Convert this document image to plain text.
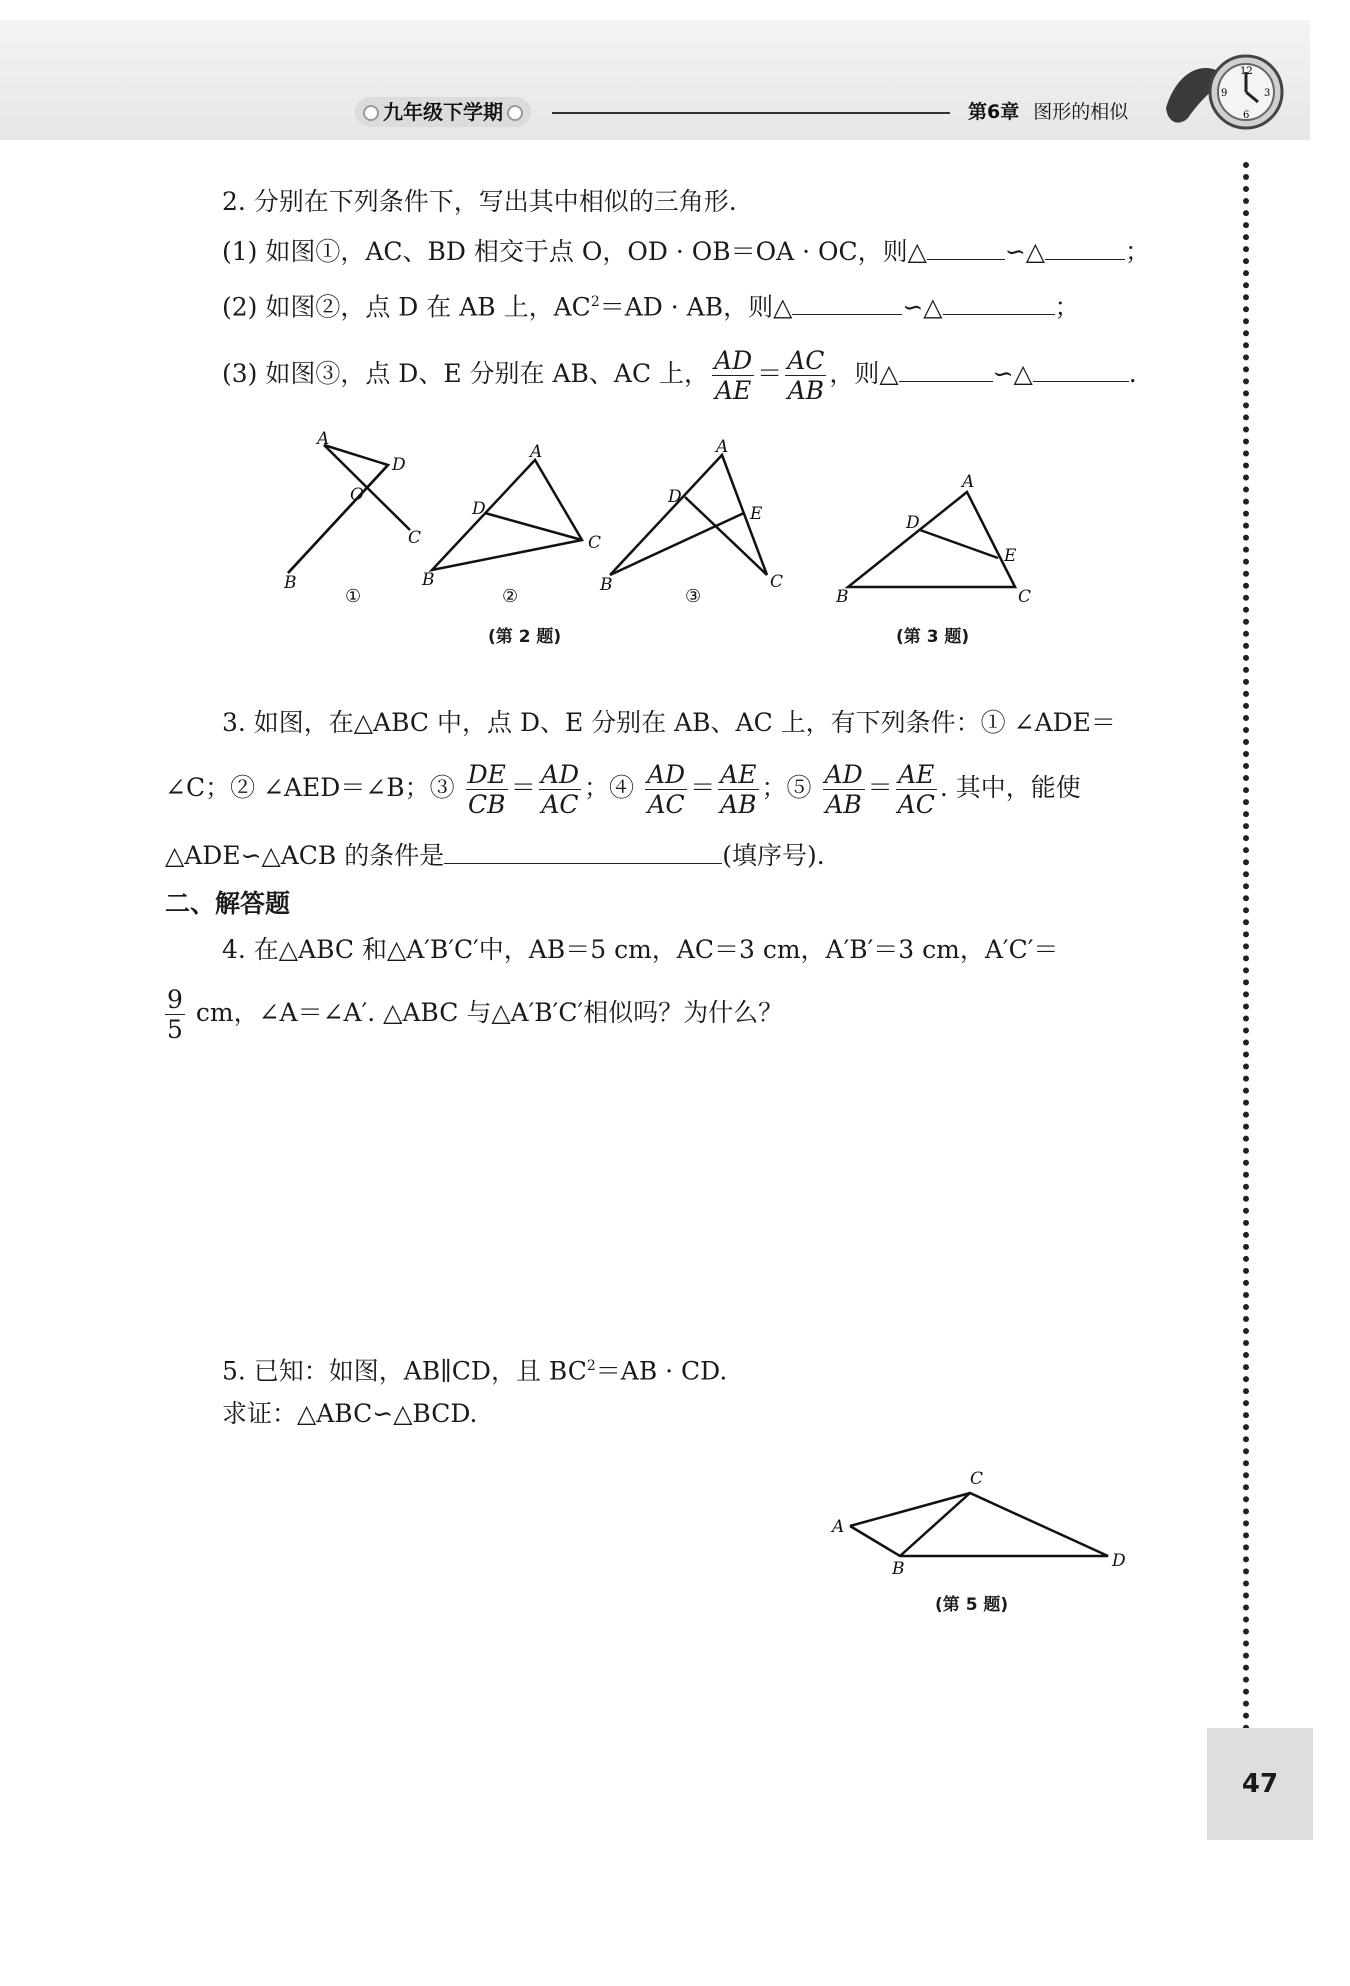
九年级下学期	第6章 图形的相似
12
3
6
9
47
2. 分别在下列条件下，写出其中相似的三角形.
(1) 如图①，AC、BD 相交于点 O，OD · OB＝OA · OC，则△	∽△	；
(2) 如图②，点 D 在 AB 上，$AC^2=AD$ · AB，则△	∽△	；
(3) 如图③，点 D、E 分别在 AB、AC 上， $\frac{AD}{AE} = \frac{AC}{AB}$ ，则△	∽△	.
A
D
O
C
B
A
D
C
B
A
D
E
C
B
A
D
E
C
B
①	②	③
(第 2 题)	(第 3 题)
3. 如图，在△ABC 中，点 D、E 分别在 AB、AC 上，有下列条件：① ∠ADE＝
∠C；② ∠AED＝∠B；③ $\frac{DE}{CB} = \frac{AD}{AC}$ ；④ $\frac{AD}{AC} = \frac{AE}{AB}$ ；⑤ $\frac{AD}{AB} = \frac{AE}{AC}$ . 其中，能使
△ADE∽△ACB 的条件是	(填序号).
二、解答题
4. 在△ABC 和△A′B′C′中，AB＝5 cm，AC＝3 cm，A′B′＝3 cm，A′C′＝
$\frac{9}{5}$ cm，∠A＝∠A′. △ABC 与△A′B′C′相似吗？为什么？
5. 已知：如图，AB∥CD，且 $BC^2=AB$ · CD.
求证：△ABC∽△BCD.
A
B
C
D
(第 5 题)
